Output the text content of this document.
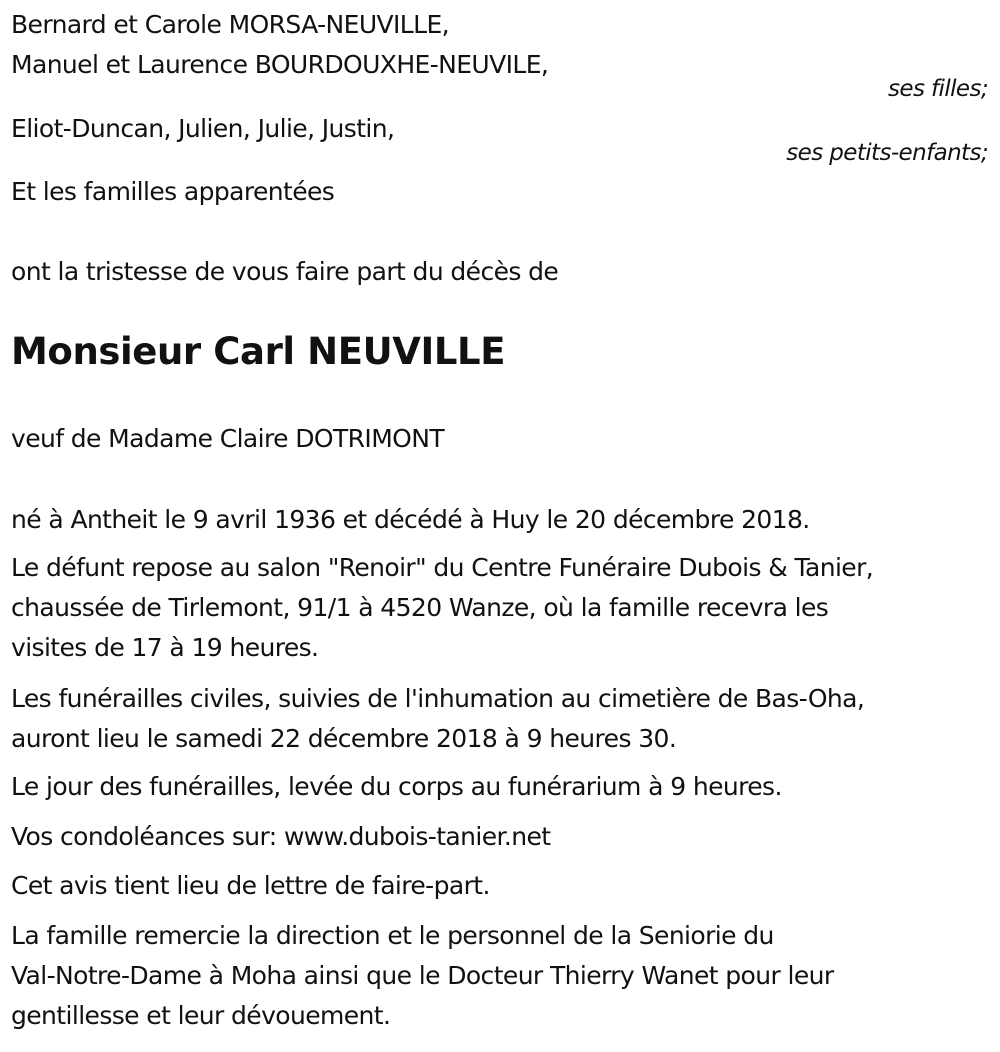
Bernard et Carole MORSA-NEUVILLE,
Manuel et Laurence BOURDOUXHE-NEUVILE,
ses filles;
Eliot-Duncan, Julien, Julie, Justin,
ses petits-enfants;
Et les familles apparentées
ont la tristesse de vous faire part du décès de
Monsieur Carl NEUVILLE
veuf de Madame Claire DOTRIMONT
né à Antheit le 9 avril 1936 et décédé à Huy le 20 décembre 2018.
Le défunt repose au salon "Renoir" du Centre Funéraire Dubois & Tanier,
chaussée de Tirlemont, 91/1 à 4520 Wanze, où la famille recevra les
visites de 17 à 19 heures.
Les funérailles civiles, suivies de l'inhumation au cimetière de Bas-Oha,
auront lieu le samedi 22 décembre 2018 à 9 heures 30.
Le jour des funérailles, levée du corps au funérarium à 9 heures.
Vos condoléances sur: www.dubois-tanier.net
Cet avis tient lieu de lettre de faire-part.
La famille remercie la direction et le personnel de la Seniorie du
Val-Notre-Dame à Moha ainsi que le Docteur Thierry Wanet pour leur
gentillesse et leur dévouement.
